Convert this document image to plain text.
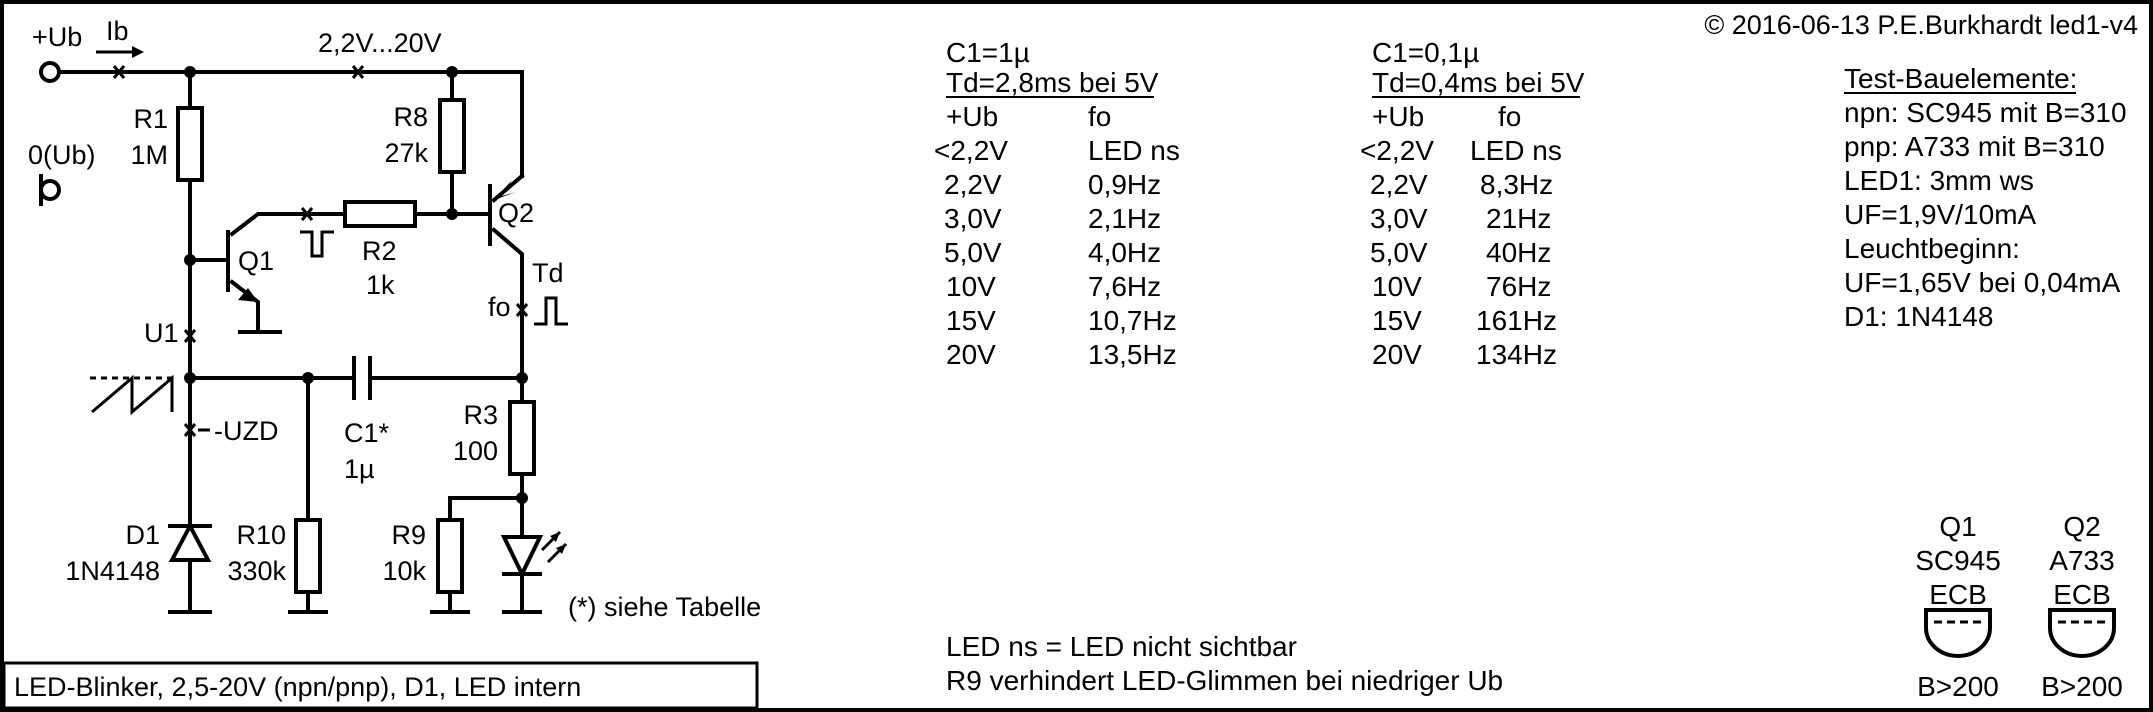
LED-Blinker, 2,5-20V (npn/pnp), D1, LED intern
© 2016-06-13 P.E.Burkhardt led1-v4
+Ub Ib	2,2V...20V
0(Ub)
R1
1M
R8
27k
R2
1k
Q1
Q2
Td
fo
U1
-UZD C1*
1µ
R3
100
R9
10k
R10
330k
D1
1N4148
(*) siehe Tabelle
C1=1µ
Td=2,8ms bei 5V
+Ub	fo
<2,2V	LED ns
2,2V	0,9Hz
3,0V	2,1Hz
5,0V	4,0Hz
10V	7,6Hz
15V	10,7Hz
20V	13,5Hz
C1=0,1µ
Td=0,4ms bei 5V
+Ub	fo
<2,2V LED ns
2,2V 8,3Hz
3,0V 21Hz
5,0V 40Hz
10V 76Hz
15V 161Hz
20V 134Hz
Test-Bauelemente:
npn: SC945 mit B=310
pnp: A733 mit B=310
LED1: 3mm ws
UF=1,9V/10mA
Leuchtbeginn:
UF=1,65V bei 0,04mA
D1: 1N4148
LED ns = LED nicht sichtbar
R9 verhindert LED-Glimmen bei niedriger Ub
Q1
SC945
ECB
B>200
Q2
A733
ECB
B>200
